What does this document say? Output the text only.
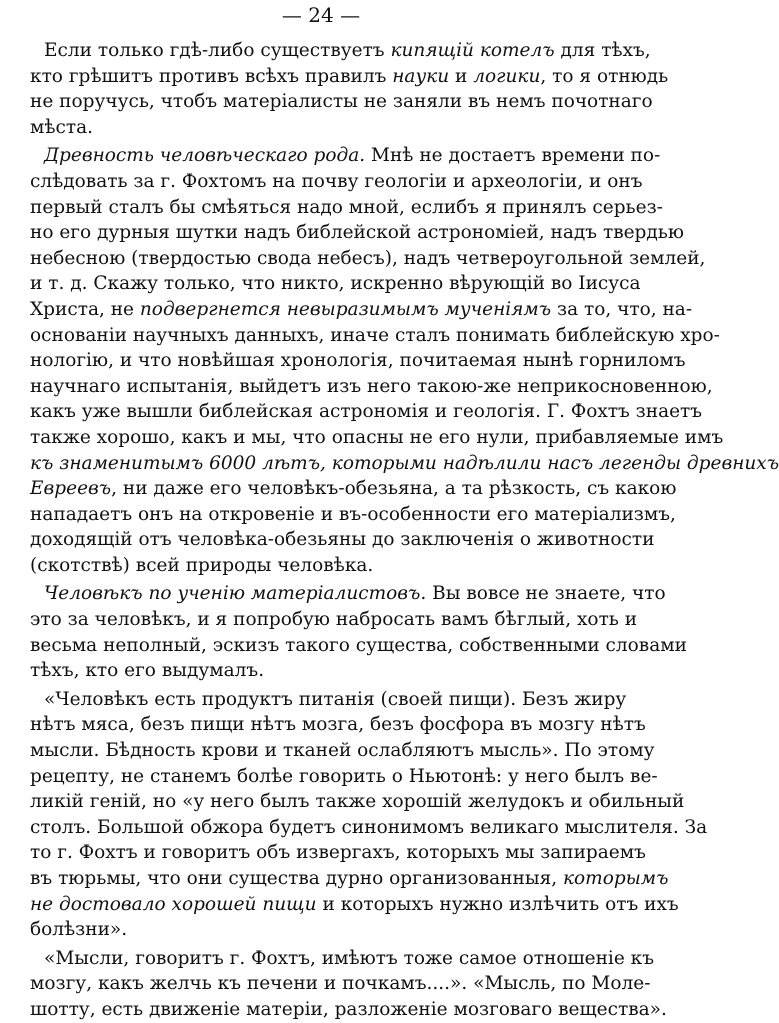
— 24 —
Если только гдѣ-либо существуетъ кипящій котелъ для тѣхъ,
кто грѣшитъ противъ всѣхъ правилъ науки и логики, то я отнюдь
не поручусь, чтобъ матеріалисты не заняли въ немъ почотнаго
мѣста.
Древность человѣческаго рода. Мнѣ не достаетъ времени по-
слѣдовать за г. Фохтомъ на почву геологіи и археологіи, и онъ
первый сталъ бы смѣяться надо мной, еслибъ я принялъ серьез-
но его дурныя шутки надъ библейской астрономіей, надъ твердью
небесною (твердостью свода небесъ), надъ четвероугольной землей,
и т. д. Скажу только, что никто, искренно вѣрующій во Іисуса
Христа, не подвергнется невыразимымъ мученіямъ за то, что, на-
основаніи научныхъ данныхъ, иначе сталъ понимать библейскую хро-
нологію, и что новѣйшая хронологія, почитаемая нынѣ горниломъ
научнаго испытанія, выйдетъ изъ него такою-же неприкосновенною,
какъ уже вышли библейская астрономія и геологія. Г. Фохтъ знаетъ
также хорошо, какъ и мы, что опасны не его нули, прибавляемые имъ
къ знаменитымъ 6000 лѣтъ, которыми надѣлили насъ легенды древнихъ
Евреевъ, ни даже его человѣкъ-обезьяна, а та рѣзкость, съ какою
нападаетъ онъ на откровеніе и въ-особенности его матеріализмъ,
доходящій отъ человѣка-обезьяны до заключенія о животности
(скотствѣ) всей природы человѣка.
Человѣкъ по ученію матеріалистовъ. Вы вовсе не знаете, что
это за человѣкъ, и я попробую набросать вамъ бѣглый, хоть и
весьма неполный, эскизъ такого существа, собственными словами
тѣхъ, кто его выдумалъ.
«Человѣкъ есть продуктъ питанія (своей пищи). Безъ жиру
нѣтъ мяса, безъ пищи нѣтъ мозга, безъ фосфора въ мозгу нѣтъ
мысли. Бѣдность крови и тканей ослабляютъ мысль». По этому
рецепту, не станемъ болѣе говорить о Ньютонѣ: у него былъ ве-
ликій геній, но «у него былъ также хорошій желудокъ и обильный
столъ. Большой обжора будетъ синонимомъ великаго мыслителя. За
то г. Фохтъ и говоритъ объ извергахъ, которыхъ мы запираемъ
въ тюрьмы, что они существа дурно организованныя, которымъ
не достовало хорошей пищи и которыхъ нужно излѣчить отъ ихъ
болѣзни».
«Мысли, говоритъ г. Фохтъ, имѣютъ тоже самое отношеніе къ
мозгу, какъ желчь къ печени и почкамъ....». «Мысль, по Моле-
шотту, есть движеніе матеріи, разложеніе мозговаго вещества».
